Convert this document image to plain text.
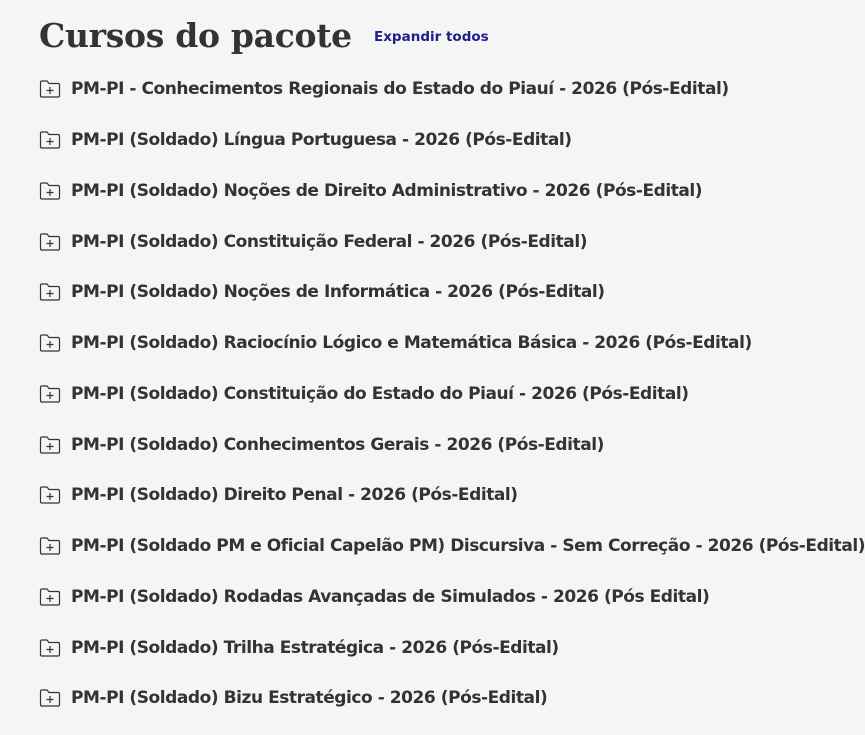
Cursos do pacote Expandir todos
PM-PI - Conhecimentos Regionais do Estado do Piauí - 2026 (Pós-Edital)
PM-PI (Soldado) Língua Portuguesa - 2026 (Pós-Edital)
PM-PI (Soldado) Noções de Direito Administrativo - 2026 (Pós-Edital)
PM-PI (Soldado) Constituição Federal - 2026 (Pós-Edital)
PM-PI (Soldado) Noções de Informática - 2026 (Pós-Edital)
PM-PI (Soldado) Raciocínio Lógico e Matemática Básica - 2026 (Pós-Edital)
PM-PI (Soldado) Constituição do Estado do Piauí - 2026 (Pós-Edital)
PM-PI (Soldado) Conhecimentos Gerais - 2026 (Pós-Edital)
PM-PI (Soldado) Direito Penal - 2026 (Pós-Edital)
PM-PI (Soldado PM e Oficial Capelão PM) Discursiva - Sem Correção - 2026 (Pós-Edital)
PM-PI (Soldado) Rodadas Avançadas de Simulados - 2026 (Pós Edital)
PM-PI (Soldado) Trilha Estratégica - 2026 (Pós-Edital)
PM-PI (Soldado) Bizu Estratégico - 2026 (Pós-Edital)
